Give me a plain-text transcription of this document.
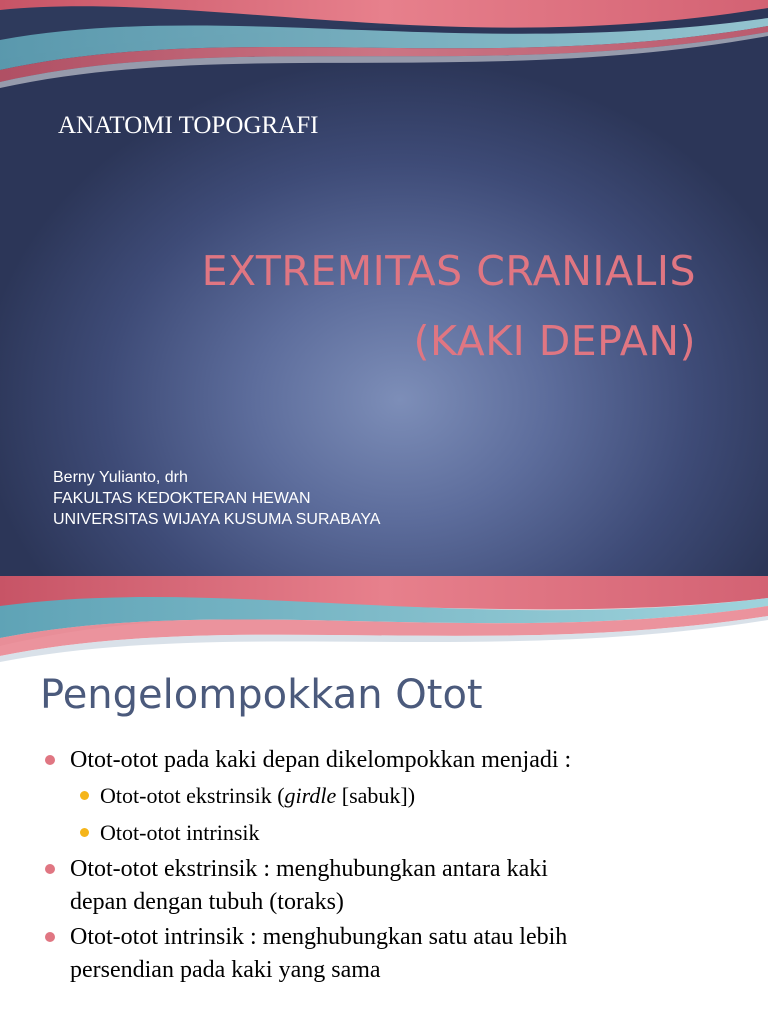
ANATOMI TOPOGRAFI
EXTREMITAS CRANIALIS
(KAKI DEPAN)
Berny Yulianto, drh
FAKULTAS KEDOKTERAN HEWAN
UNIVERSITAS WIJAYA KUSUMA SURABAYA
Pengelompokkan Otot
Otot-otot pada kaki depan dikelompokkan menjadi :
Otot-otot ekstrinsik (girdle [sabuk])
Otot-otot intrinsik
Otot-otot ekstrinsik : menghubungkan antara kaki
depan dengan tubuh (toraks)
Otot-otot intrinsik : menghubungkan satu atau lebih
persendian pada kaki yang sama
